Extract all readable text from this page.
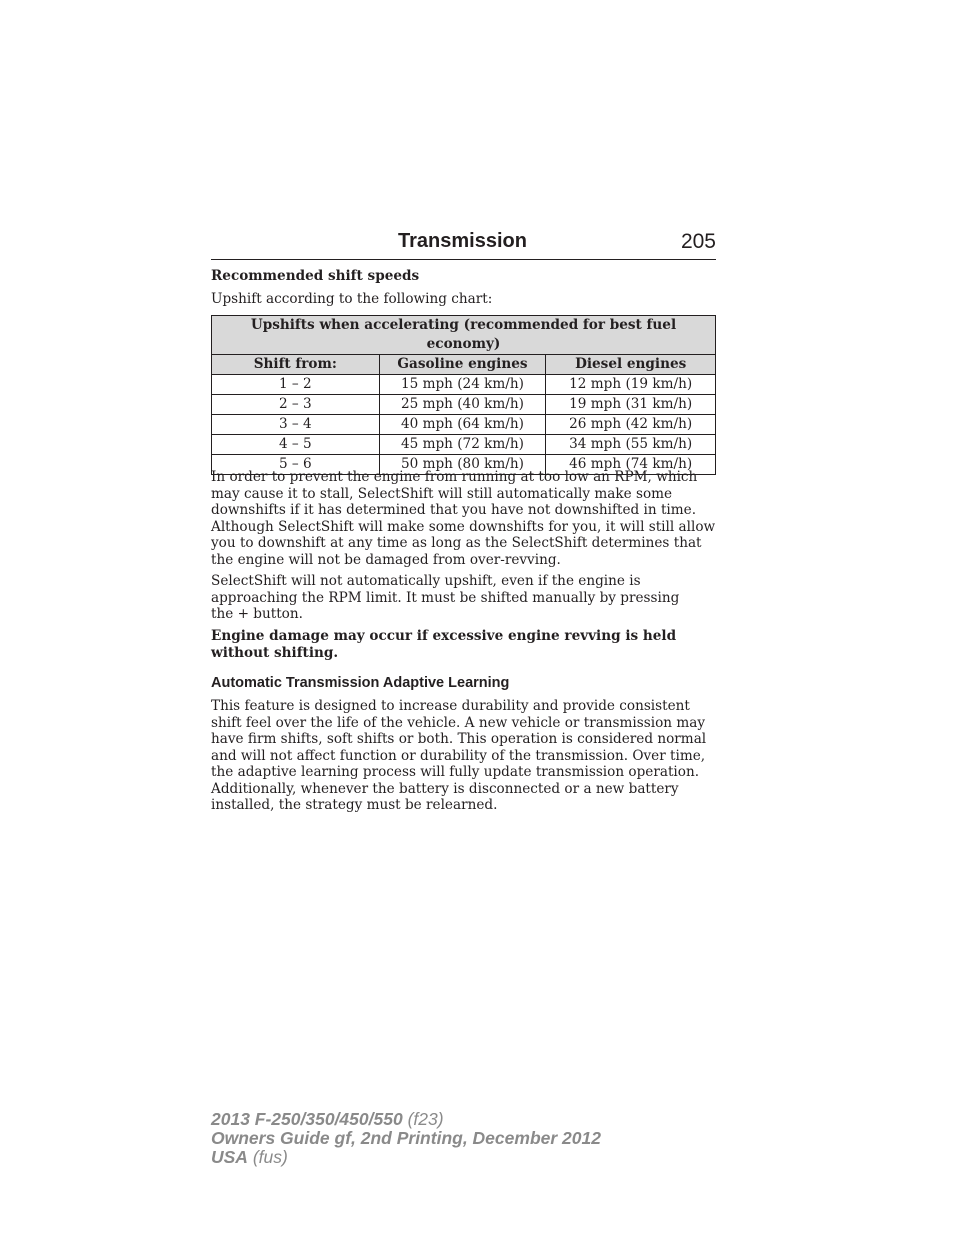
Transmission	205
Recommended shift speeds
Upshift according to the following chart:
Upshifts when accelerating (recommended for best fuel economy)		
Shift from:	Gasoline engines	Diesel engines
1 – 2	15 mph (24 km/h)	12 mph (19 km/h)
2 – 3	25 mph (40 km/h)	19 mph (31 km/h)
3 – 4	40 mph (64 km/h)	26 mph (42 km/h)
4 – 5	45 mph (72 km/h)	34 mph (55 km/h)
5 – 6	50 mph (80 km/h)	46 mph (74 km/h)
In order to prevent the engine from running at too low an RPM, which
may cause it to stall, SelectShift will still automatically make some
downshifts if it has determined that you have not downshifted in time.
Although SelectShift will make some downshifts for you, it will still allow
you to downshift at any time as long as the SelectShift determines that
the engine will not be damaged from over-revving.
SelectShift will not automatically upshift, even if the engine is
approaching the RPM limit. It must be shifted manually by pressing
the + button.
Engine damage may occur if excessive engine revving is held
without shifting.
Automatic Transmission Adaptive Learning
This feature is designed to increase durability and provide consistent
shift feel over the life of the vehicle. A new vehicle or transmission may
have firm shifts, soft shifts or both. This operation is considered normal
and will not affect function or durability of the transmission. Over time,
the adaptive learning process will fully update transmission operation.
Additionally, whenever the battery is disconnected or a new battery
installed, the strategy must be relearned.
2013 F-250/350/450/550 (f23)
Owners Guide gf, 2nd Printing, December 2012
USA (fus)
